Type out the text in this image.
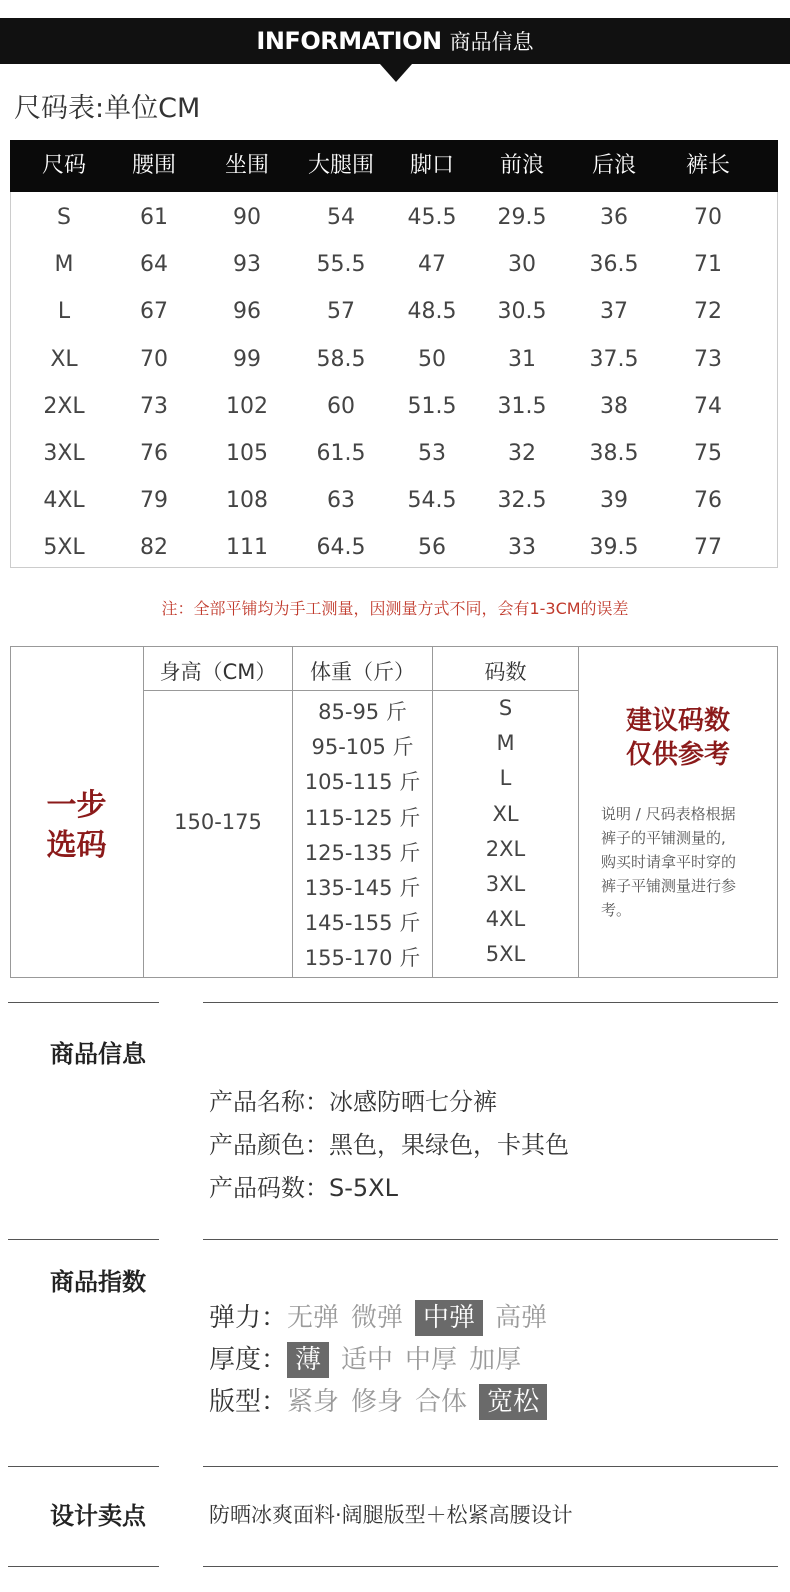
INFORMATION 商品信息
尺码表:单位CM
尺码	腰围	坐围	大腿围	脚口	前浪	后浪	裤长
S	61	90	54	45.5	29.5	36	70
M	64	93	55.5	47	30	36.5	71
L	67	96	57	48.5	30.5	37	72
XL	70	99	58.5	50	31	37.5	73
2XL	73	102	60	51.5	31.5	38	74
3XL	76	105	61.5	53	32	38.5	75
4XL	79	108	63	54.5	32.5	39	76
5XL	82	111	64.5	56	33	39.5	77
注：全部平铺均为手工测量，因测量方式不同，会有1-3CM的误差
一步
选码
身高（CM）	体重（斤）	码数
150-175
85-95 斤	S
95-105 斤	M
105-115 斤	L
115-125 斤	XL
125-135 斤	2XL
135-145 斤	3XL
145-155 斤	4XL
155-170 斤	5XL
建议码数
仅供参考
说明 / 尺码表格根据
裤子的平铺测量的,
购买时请拿平时穿的
裤子平铺测量进行参
考。
商品信息
产品名称：冰感防晒七分裤
产品颜色：黑色，果绿色，卡其色
产品码数：S-5XL
商品指数
弹力：无弹 微弹 中弹 高弹
厚度： 薄 适中 中厚 加厚
版型：紧身 修身 合体 宽松
设计卖点	防晒冰爽面料·阔腿版型＋松紧高腰设计
